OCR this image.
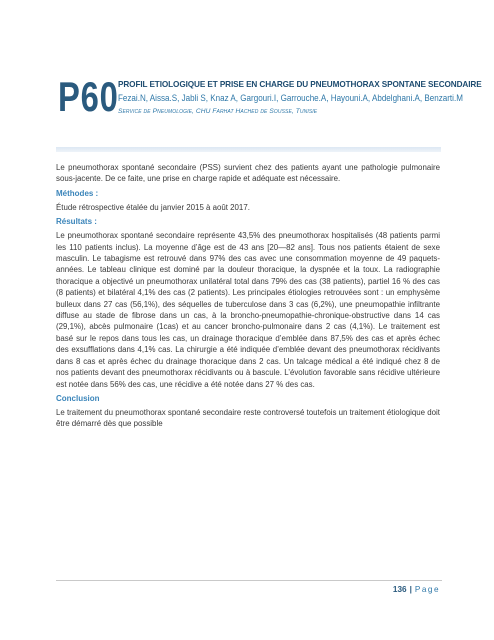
P60 PROFIL ETIOLOGIQUE ET PRISE EN CHARGE DU PNEUMOTHORAX SPONTANE SECONDAIRE

Fezai.N, Aissa.S, Jabli S, Knaz A, Gargouri.I, Garrouche.A, Hayouni.A, Abdelghani.A, Benzarti.M

Service de Pneumologie, CHU Farhat Hached de Sousse, Tunisie

Le pneumothorax spontané secondaire (PSS) survient chez des patients ayant une pathologie pulmonaire sous-jacente. De ce faite, une prise en charge rapide et adéquate est nécessaire.

Méthodes :

Étude rétrospective étalée du janvier 2015 à août 2017.

Résultats :

Le pneumothorax spontané secondaire représente 43,5% des pneumothorax hospitalisés (48 patients parmi les 110 patients inclus). La moyenne d’âge est de 43 ans [20—82 ans]. Tous nos patients étaient de sexe masculin. Le tabagisme est retrouvé dans 97% des cas avec une consommation moyenne de 49 paquets-années. Le tableau clinique est dominé par la douleur thoracique, la dyspnée et la toux. La radiographie thoracique a objectivé un pneumothorax unilatéral total dans 79% des cas (38 patients), partiel 16 % des cas (8 patients) et bilatéral 4,1% des cas (2 patients). Les principales étiologies retrouvées sont : un emphysème bulleux dans 27 cas (56,1%), des séquelles de tuberculose dans 3 cas (6,2%), une pneumopathie infiltrante diffuse au stade de fibrose dans un cas, à la broncho-pneumopathie-chronique-obstructive dans 14 cas (29,1%), abcès pulmonaire (1cas) et au cancer broncho-pulmonaire dans 2 cas (4,1%). Le traitement est basé sur le repos dans tous les cas, un drainage thoracique d’emblée dans 87,5% des cas et après échec des exsufflations dans 4,1% cas. La chirurgie a été indiquée d’emblée devant des pneumothorax récidivants dans 8 cas et après échec du drainage thoracique dans 2 cas. Un talcage médical a été indiqué chez 8 de nos patients devant des pneumothorax récidivants ou à bascule. L’évolution favorable sans récidive ultérieure est notée dans 56% des cas, une récidive a été notée dans 27 % des cas.

Conclusion

Le traitement du pneumothorax spontané secondaire reste controversé toutefois un traitement étiologique doit être démarré dès que possible

136 | Page
